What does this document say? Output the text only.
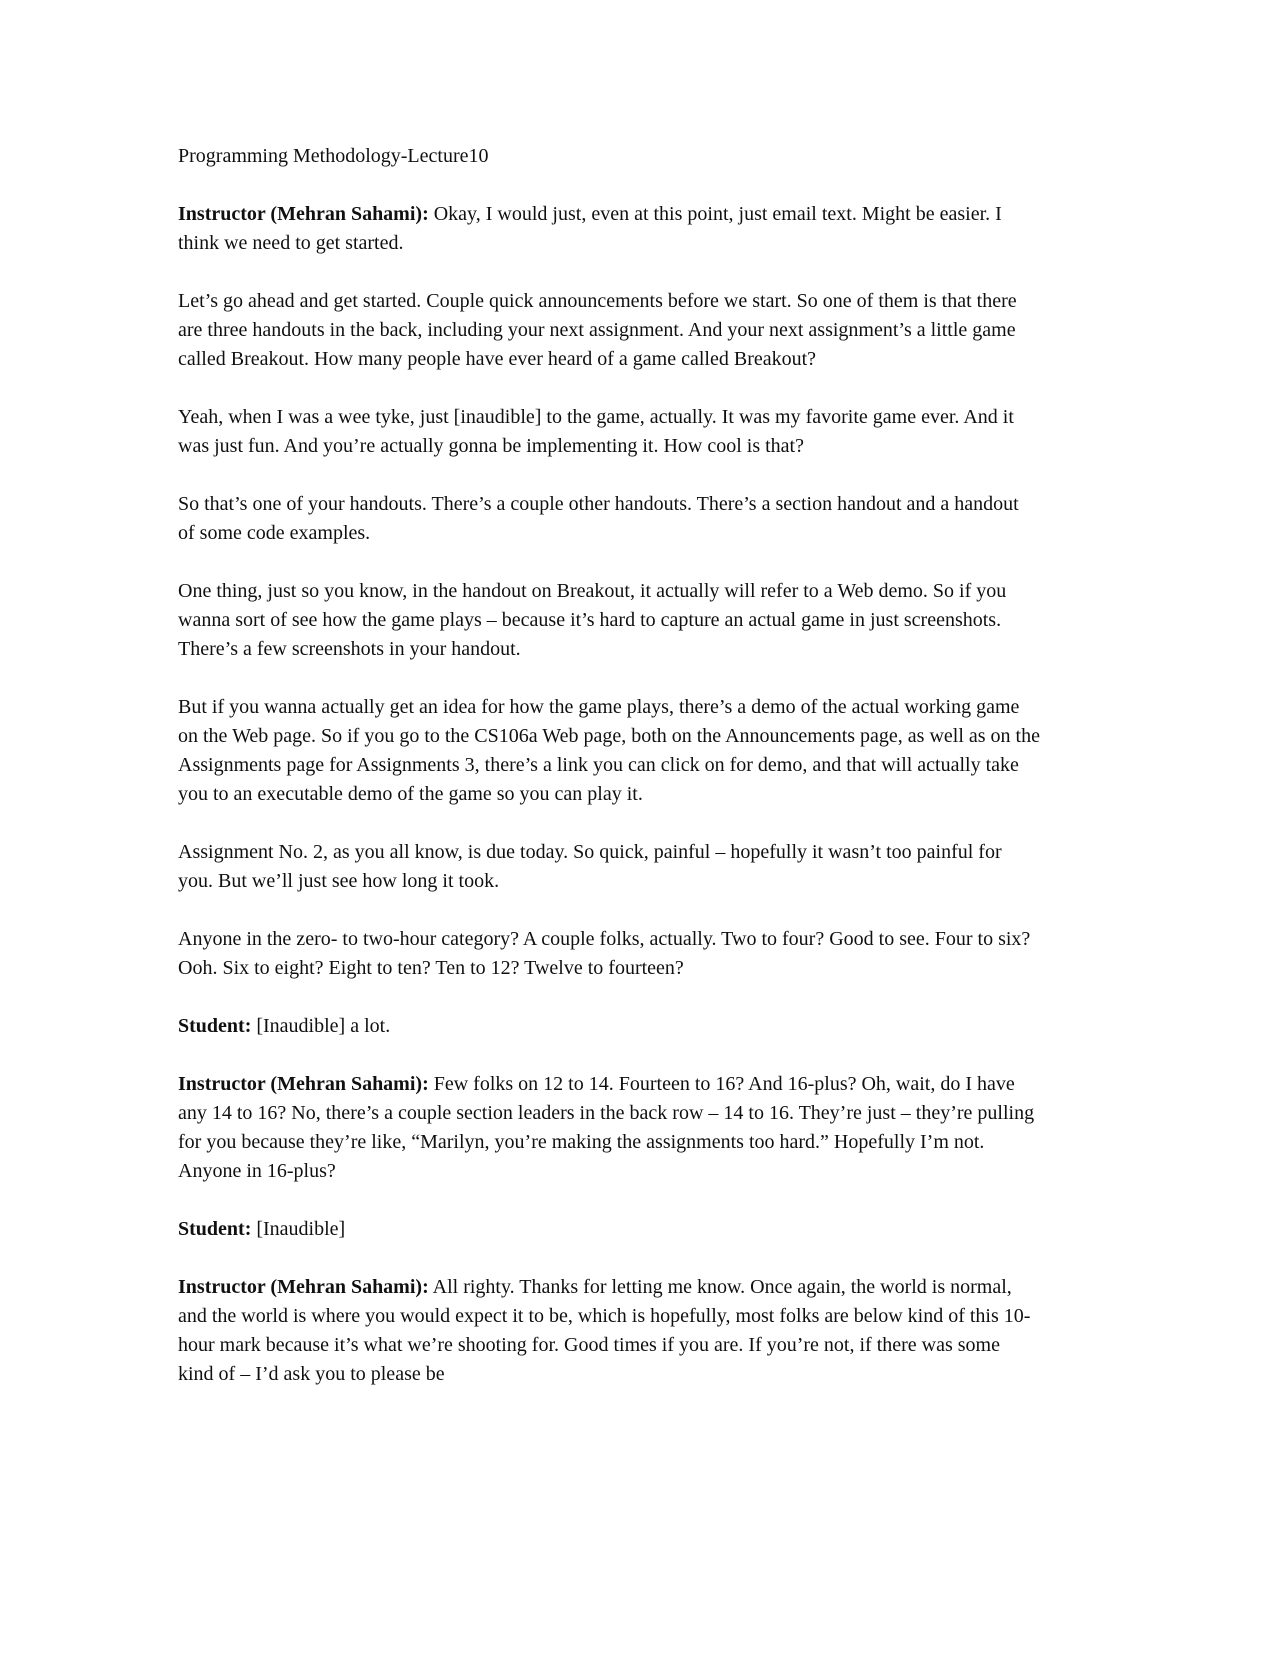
Programming Methodology-Lecture10

Instructor (Mehran Sahami): Okay, I would just, even at this point, just email text. Might be easier. I think we need to get started.

Let’s go ahead and get started. Couple quick announcements before we start. So one of them is that there are three handouts in the back, including your next assignment. And your next assignment’s a little game called Breakout. How many people have ever heard of a game called Breakout?

Yeah, when I was a wee tyke, just [inaudible] to the game, actually. It was my favorite game ever. And it was just fun. And you’re actually gonna be implementing it. How cool is that?

So that’s one of your handouts. There’s a couple other handouts. There’s a section handout and a handout of some code examples.

One thing, just so you know, in the handout on Breakout, it actually will refer to a Web demo. So if you wanna sort of see how the game plays – because it’s hard to capture an actual game in just screenshots. There’s a few screenshots in your handout.

But if you wanna actually get an idea for how the game plays, there’s a demo of the actual working game on the Web page. So if you go to the CS106a Web page, both on the Announcements page, as well as on the Assignments page for Assignments 3, there’s a link you can click on for demo, and that will actually take you to an executable demo of the game so you can play it.

Assignment No. 2, as you all know, is due today. So quick, painful – hopefully it wasn’t too painful for you. But we’ll just see how long it took.

Anyone in the zero- to two-hour category? A couple folks, actually. Two to four? Good to see. Four to six? Ooh. Six to eight? Eight to ten? Ten to 12? Twelve to fourteen?

Student: [Inaudible] a lot.

Instructor (Mehran Sahami): Few folks on 12 to 14. Fourteen to 16? And 16-plus? Oh, wait, do I have any 14 to 16? No, there’s a couple section leaders in the back row – 14 to 16. They’re just – they’re pulling for you because they’re like, “Marilyn, you’re making the assignments too hard.” Hopefully I’m not. Anyone in 16-plus?

Student: [Inaudible]

Instructor (Mehran Sahami): All righty. Thanks for letting me know. Once again, the world is normal, and the world is where you would expect it to be, which is hopefully, most folks are below kind of this 10-hour mark because it’s what we’re shooting for. Good times if you are. If you’re not, if there was some kind of – I’d ask you to please be
